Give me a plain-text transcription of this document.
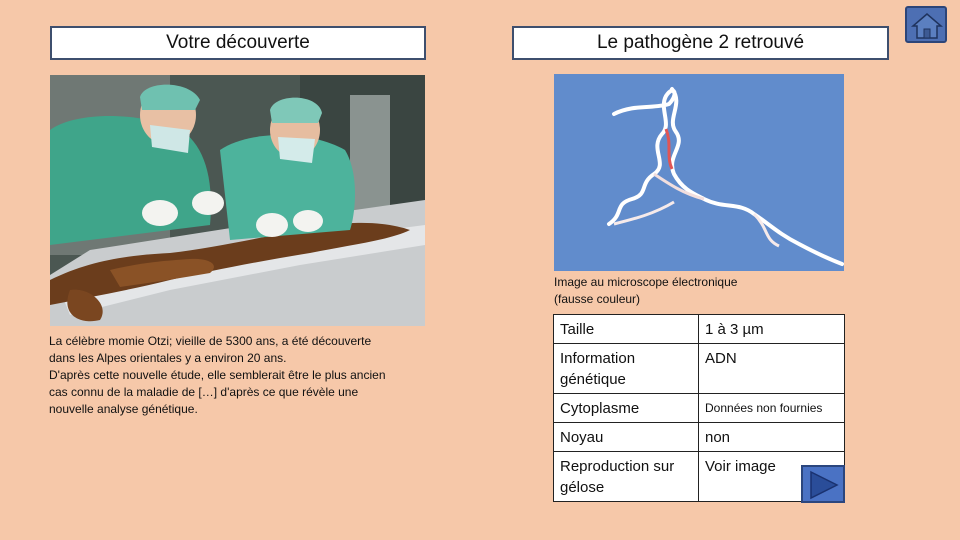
Votre découverte	Le pathogène 2 retrouvé
Image au microscope électronique
(fausse couleur)
La célèbre momie Otzi; vieille de 5300 ans, a été découverte
dans les Alpes orientales y a environ 20 ans.
D'après cette nouvelle étude, elle semblerait être le plus ancien
cas connu de la maladie de […] d'après ce que révèle une
nouvelle analyse génétique.
Taille	1 à 3 µm
Information génétique	ADN
Cytoplasme	Données non fournies
Noyau	non
Reproduction sur gélose	Voir image
